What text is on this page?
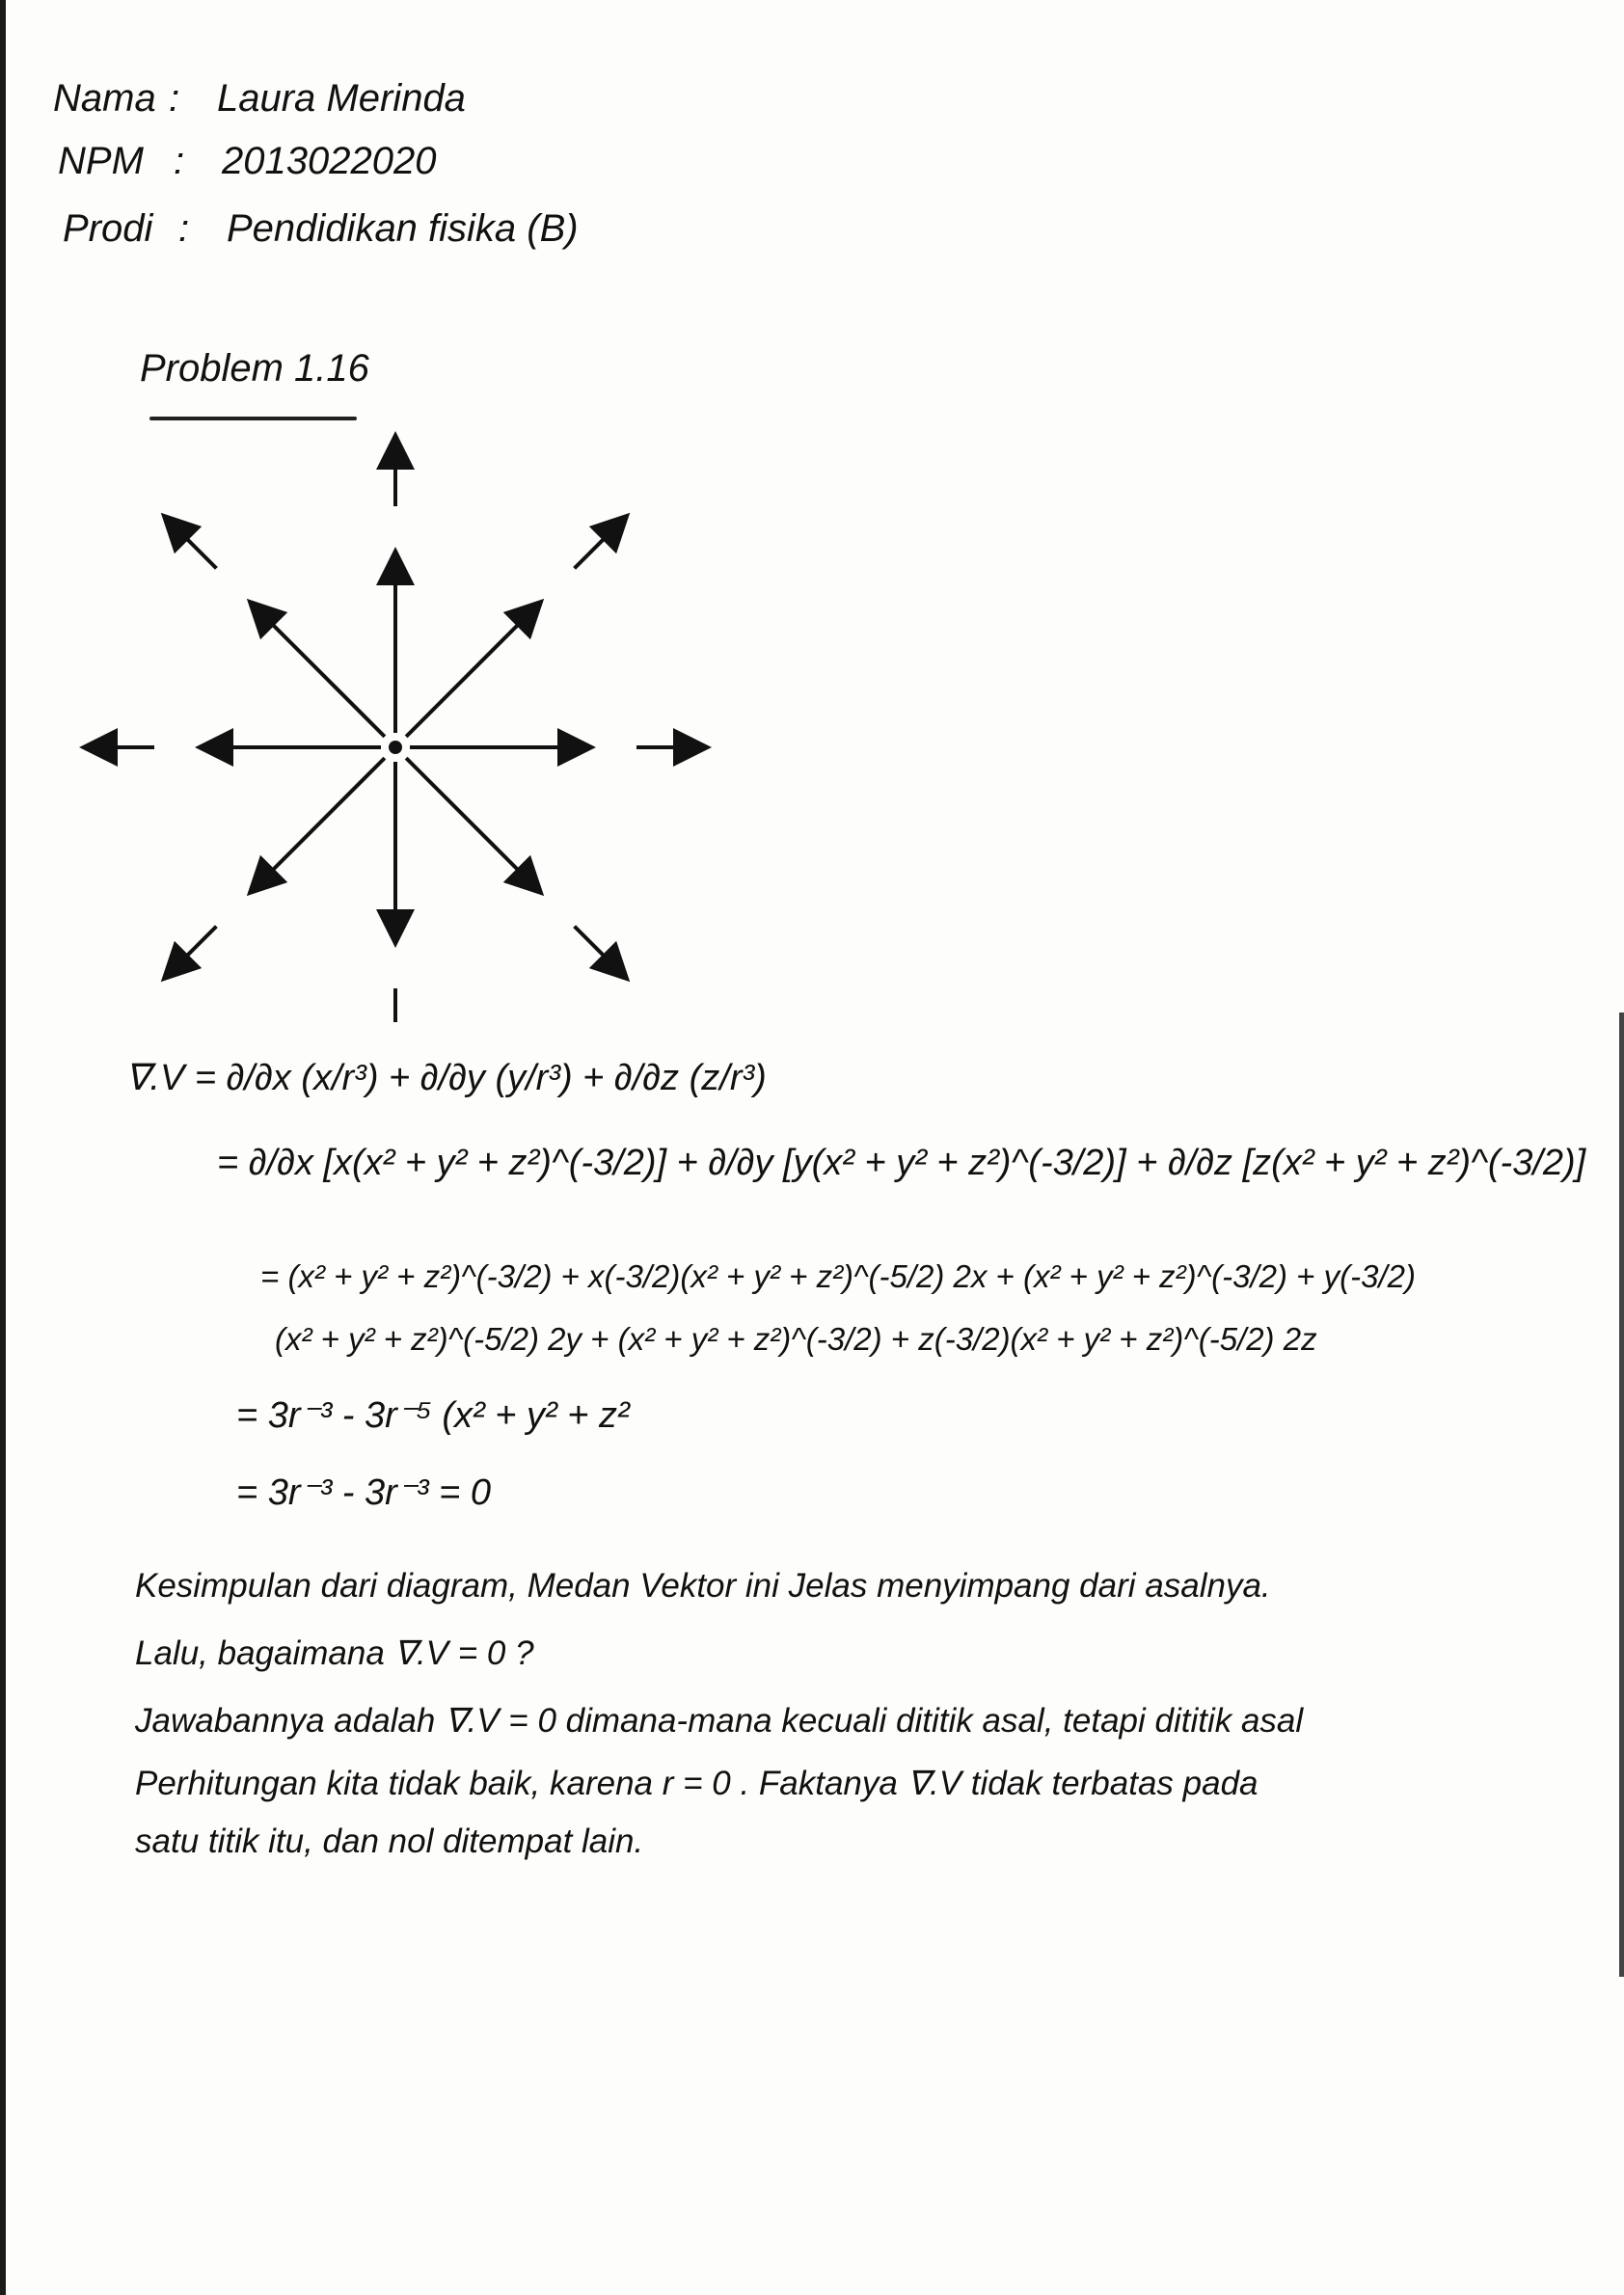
Nama : Laura Merinda
NPM : 2013022020
Prodi : Pendidikan fisika (B)
Problem 1.16
∇.V = ∂/∂x (x/r³) + ∂/∂y (y/r³) + ∂/∂z (z/r³)
= ∂/∂x [x(x² + y² + z²)^(-3/2)] + ∂/∂y [y(x² + y² + z²)^(-3/2)] + ∂/∂z [z(x² + y² + z²)^(-3/2)]
= (x² + y² + z²)^(-3/2) + x(-3/2)(x² + y² + z²)^(-5/2) 2x + (x² + y² + z²)^(-3/2) + y(-3/2)
(x² + y² + z²)^(-5/2) 2y + (x² + y² + z²)^(-3/2) + z(-3/2)(x² + y² + z²)^(-5/2) 2z
= 3r⁻³ - 3r⁻⁵ (x² + y² + z²
= 3r⁻³ - 3r⁻³ = 0
Kesimpulan dari diagram, Medan Vektor ini Jelas menyimpang dari asalnya.
Lalu, bagaimana ∇.V = 0 ?
Jawabannya adalah ∇.V = 0 dimana-mana kecuali dititik asal, tetapi dititik asal
Perhitungan kita tidak baik, karena r = 0 . Faktanya ∇.V tidak terbatas pada
satu titik itu, dan nol ditempat lain.
